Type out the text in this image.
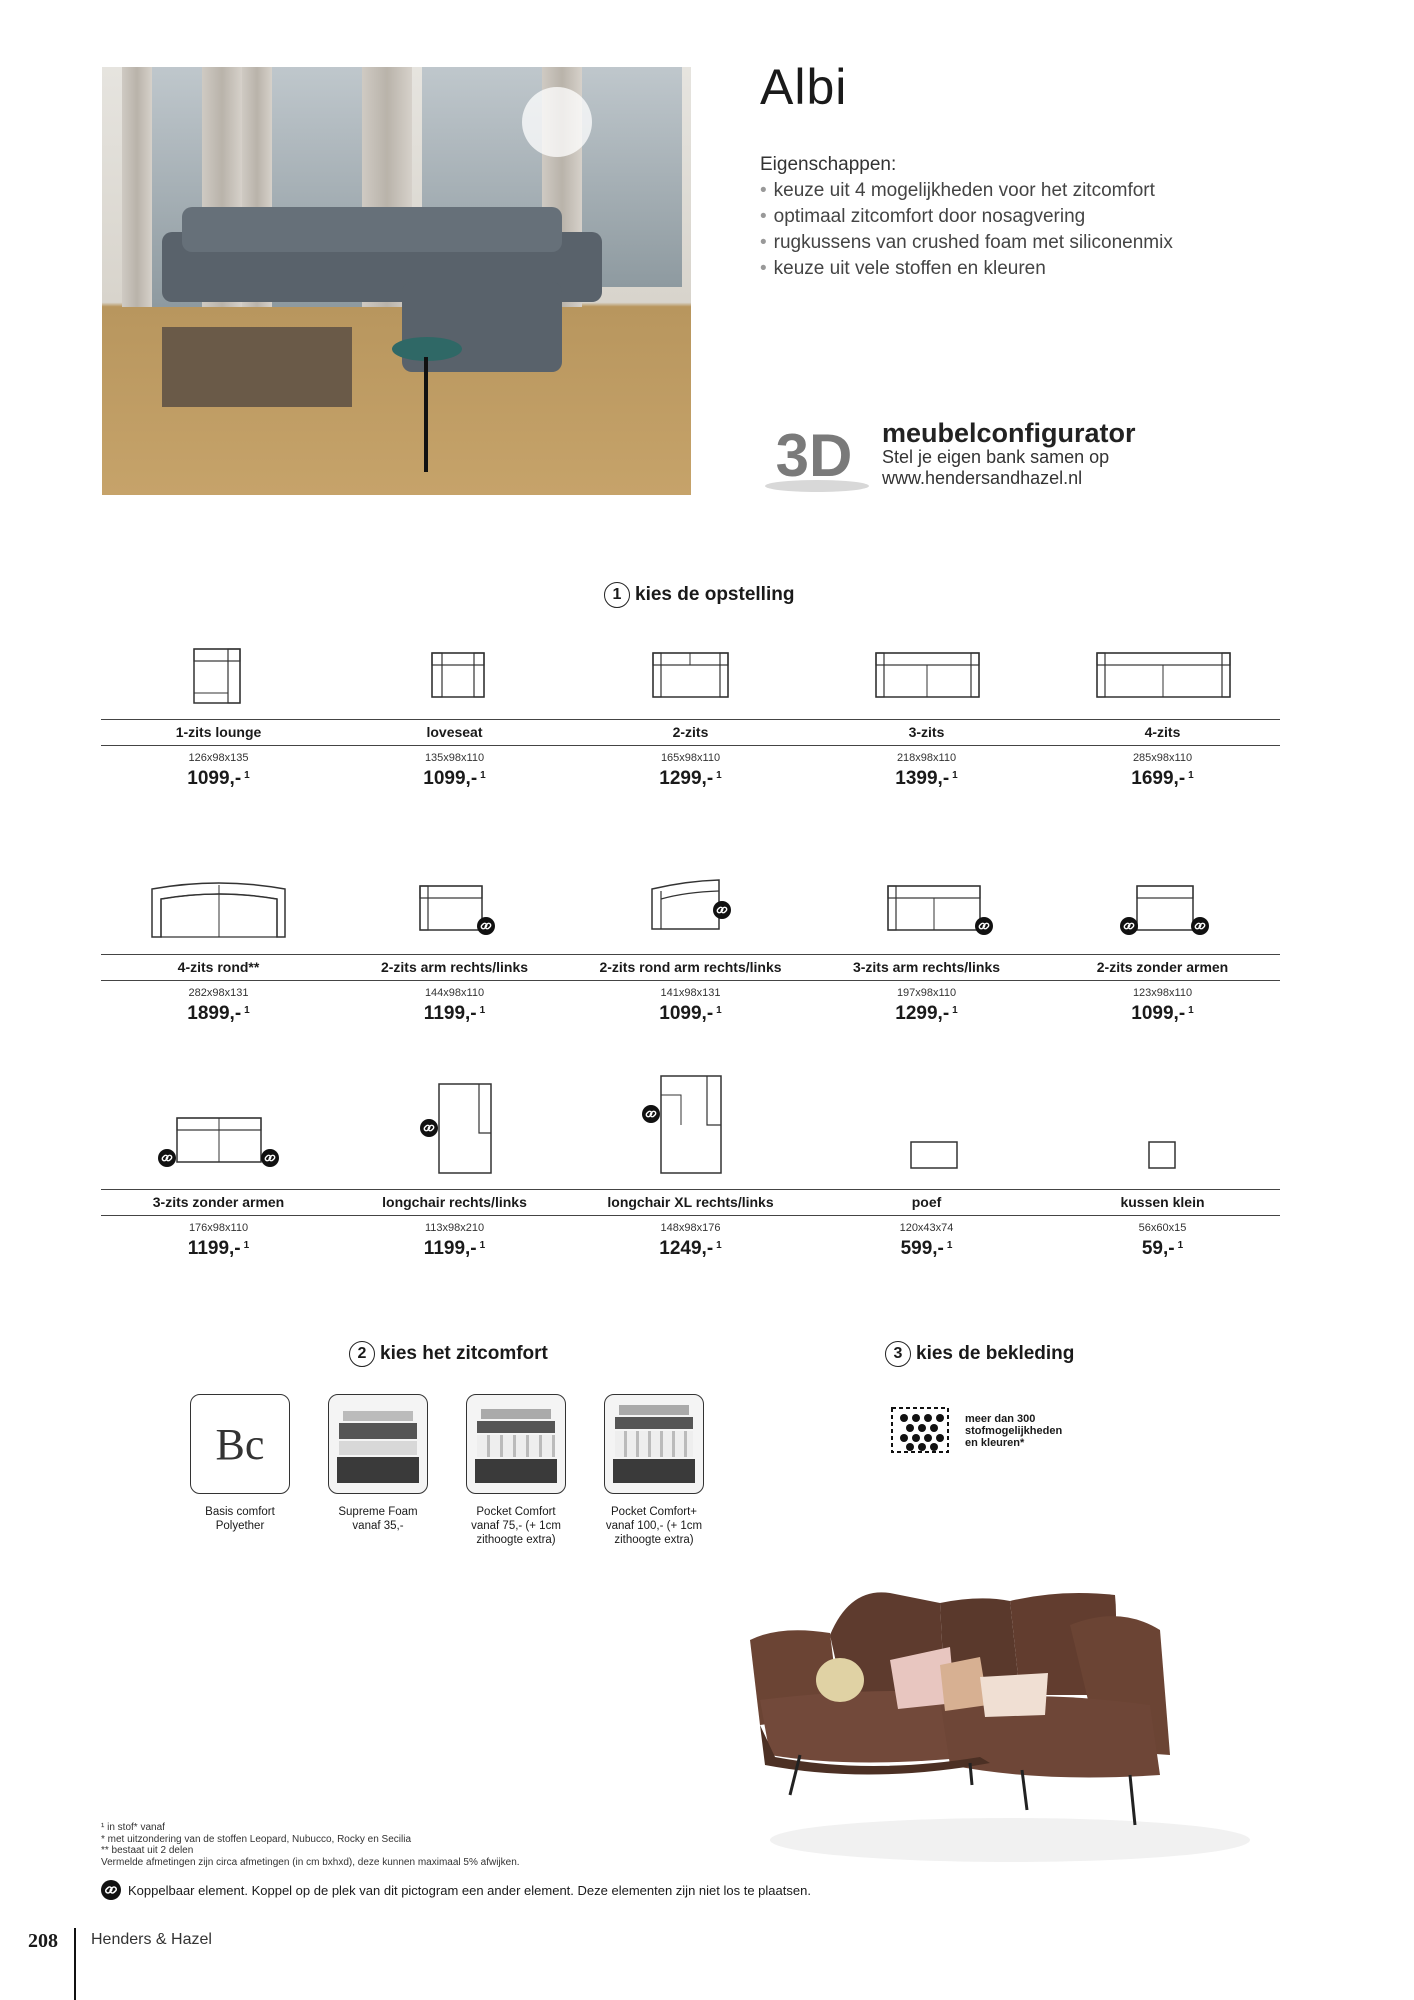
Albi
Eigenschappen:
• keuze uit 4 mogelijkheden voor het zitcomfort
• optimaal zitcomfort door nosagvering
• rugkussens van crushed foam met siliconenmix
• keuze uit vele stoffen en kleuren
3D meubelconfigurator
Stel je eigen bank samen op
www.hendersandhazel.nl
1 kies de opstelling
1-zits lounge
126x98x135
1099,- $^1$
loveseat
135x98x110
1099,- $^1$
2-zits
165x98x110
1299,- $^1$
3-zits
218x98x110
1399,- $^1$
4-zits
285x98x110
1699,- $^1$
4-zits rond**
282x98x131
1899,- $^1$
2-zits arm rechts/links
144x98x110
1199,- $^1$
2-zits rond arm rechts/links
141x98x131
1099,- $^1$
3-zits arm rechts/links
197x98x110
1299,- $^1$
2-zits zonder armen
123x98x110
1099,- $^1$
3-zits zonder armen
176x98x110
1199,- $^1$
longchair rechts/links
113x98x210
1199,- $^1$
longchair XL rechts/links
148x98x176
1249,- $^1$
poef
120x43x74
599,- $^1$
kussen klein
56x60x15
59,- $^1$
2 kies het zitcomfort
Bc
Basis comfort
Polyether
Supreme Foam
vanaf 35,-
Pocket Comfort
vanaf 75,- (+ 1cm
zithoogte extra)
Pocket Comfort+
vanaf 100,- (+ 1cm
zithoogte extra)
3 kies de bekleding
meer dan 300
stofmogelijkheden
en kleuren*
¹ in stof* vanaf
* met uitzondering van de stoffen Leopard, Nubucco, Rocky en Secilia
** bestaat uit 2 delen
Vermelde afmetingen zijn circa afmetingen (in cm bxhxd), deze kunnen maximaal 5% afwijken.
Koppelbaar element. Koppel op de plek van dit pictogram een ander element. Deze elementen zijn niet los te plaatsen.
208 Henders & Hazel
